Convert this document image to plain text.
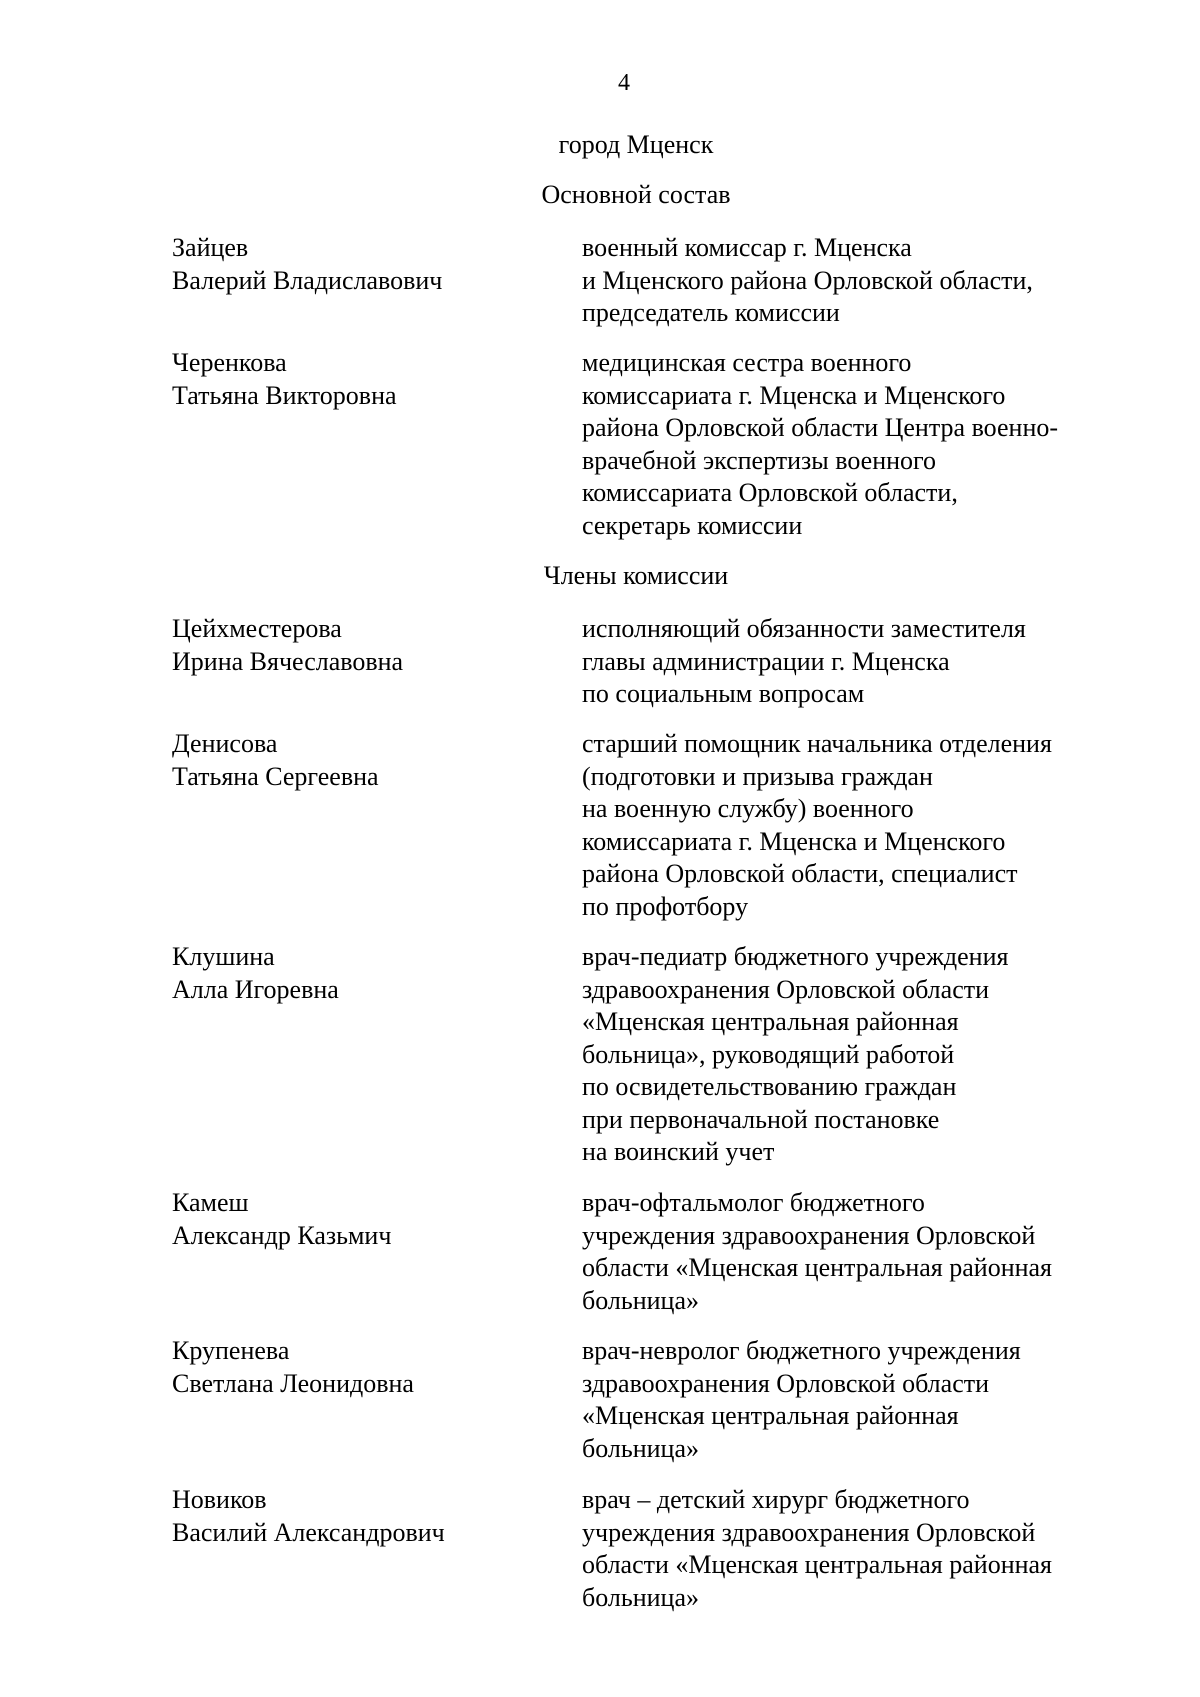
4
город Мценск
Основной состав
Зайцев
Валерий Владиславович
военный комиссар г. Мценска
и Мценского района Орловской области,
председатель комиссии
Черенкова
Татьяна Викторовна
медицинская сестра военного
комиссариата г. Мценска и Мценского
района Орловской области Центра военно-
врачебной экспертизы военного
комиссариата Орловской области,
секретарь комиссии
Члены комиссии
Цейхместерова
Ирина Вячеславовна
исполняющий обязанности заместителя
главы администрации г. Мценска
по социальным вопросам
Денисова
Татьяна Сергеевна
старший помощник начальника отделения
(подготовки и призыва граждан
на военную службу) военного
комиссариата г. Мценска и Мценского
района Орловской области, специалист
по профотбору
Клушина
Алла Игоревна
врач-педиатр бюджетного учреждения
здравоохранения Орловской области
«Мценская центральная районная
больница», руководящий работой
по освидетельствованию граждан
при первоначальной постановке
на воинский учет
Камеш
Александр Казьмич
врач-офтальмолог бюджетного
учреждения здравоохранения Орловской
области «Мценская центральная районная
больница»
Крупенева
Светлана Леонидовна
врач-невролог бюджетного учреждения
здравоохранения Орловской области
«Мценская центральная районная
больница»
Новиков
Василий Александрович
врач – детский хирург бюджетного
учреждения здравоохранения Орловской
области «Мценская центральная районная
больница»
